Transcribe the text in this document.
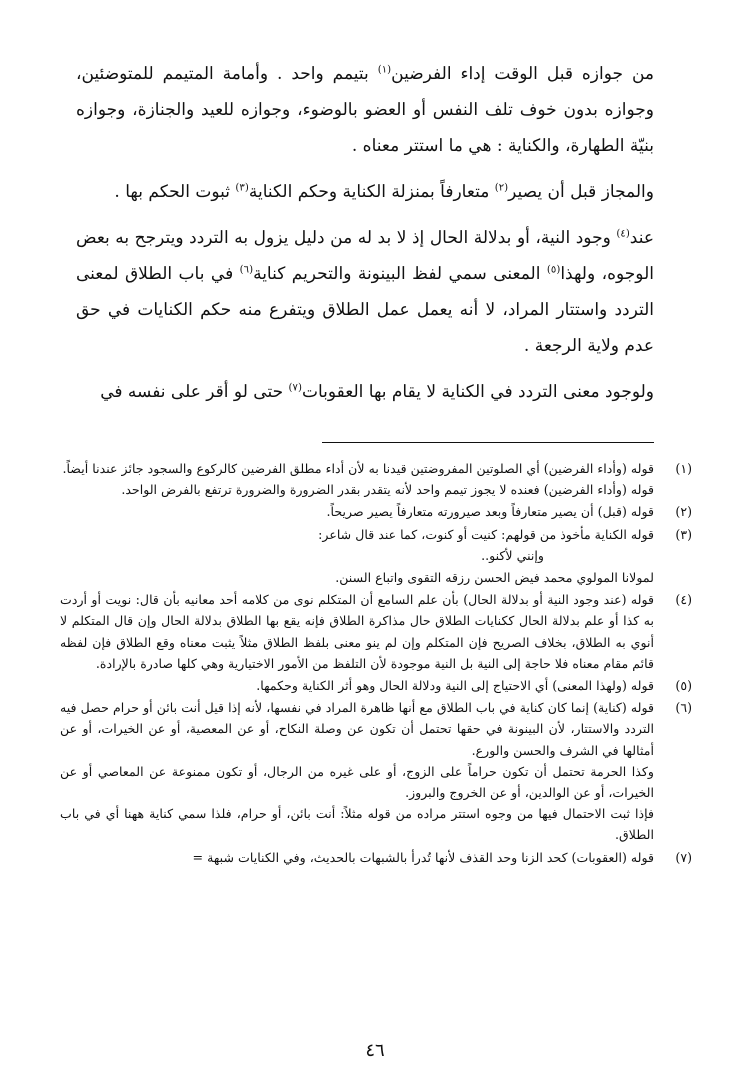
من جوازه قبل الوقت إداء الفرضين$^{(١)}$ بتيمم واحد . وأمامة المتيمم للمتوضئين، وجوازه بدون خوف تلف النفس أو العضو بالوضوء، وجوازه للعيد والجنازة، وجوازه بنيّة الطهارة، والكناية : هي ما استتر معناه .

والمجاز قبل أن يصير$^{(٢)}$ متعارفاً بمنزلة الكناية وحكم الكناية$^{(٣)}$ ثبوت الحكم بها .

عند$^{(٤)}$ وجود النية، أو بدلالة الحال إذ لا بد له من دليل يزول به التردد ويترجح به بعض الوجوه، ولهذا$^{(٥)}$ المعنى سمي لفظ البينونة والتحريم كناية$^{(٦)}$ في باب الطلاق لمعنى التردد واستتار المراد، لا أنه يعمل عمل الطلاق ويتفرع منه حكم الكنايات في حق عدم ولاية الرجعة .

ولوجود معنى التردد في الكناية لا يقام بها العقوبات$^{(٧)}$ حتى لو أقر على نفسه في

(١)

قوله (وأداء الفرضين) أي الصلوتين المفروضتين قيدنا به لأن أداء مطلق الفرضين كالركوع والسجود جائز عندنا أيضاً.

قوله (وأداء الفرضين) فعنده لا يجوز تيمم واحد لأنه يتقدر بقدر الضرورة والضرورة ترتفع بالفرض الواحد.

(٢)

قوله (قبل) أن يصير متعارفاً وبعد صيرورته متعارفاً يصير صريحاً.

(٣)

قوله الكناية مأخوذ من قولهم: كنيت أو كنوت، كما عند قال شاعر:

وإنني لأكنو..

لمولانا المولوي محمد فيض الحسن رزقه التقوى واتباع السنن.

(٤)

قوله (عند وجود النية أو بدلالة الحال) بأن علم السامع أن المتكلم نوى من كلامه أحد معانيه بأن قال: نويت أو أردت به كذا أو علم بدلالة الحال ككنايات الطلاق حال مذاكرة الطلاق فإنه يقع بها الطلاق بدلالة الحال وإن قال المتكلم لا أنوي به الطلاق، بخلاف الصريح فإن المتكلم وإن لم ينو معنى بلفظ الطلاق مثلاً يثبت معناه وقع الطلاق فإن لفظه قائم مقام معناه فلا حاجة إلى النية بل النية موجودة لأن التلفظ من الأمور الاختيارية وهي كلها صادرة بالإرادة.

(٥)

قوله (ولهذا المعنى) أي الاحتياج إلى النية ودلالة الحال وهو أثر الكناية وحكمها.

(٦)

قوله (كناية) إنما كان كناية في باب الطلاق مع أنها ظاهرة المراد في نفسها، لأنه إذا قيل أنت بائن أو حرام حصل فيه التردد والاستتار، لأن البينونة في حقها تحتمل أن تكون عن وصلة النكاح، أو عن المعصية، أو عن الخيرات، أو عن أمثالها في الشرف والحسن والورع.

وكذا الحرمة تحتمل أن تكون حراماً على الزوج، أو على غيره من الرجال، أو تكون ممنوعة عن المعاصي أو عن الخيرات، أو عن الوالدين، أو عن الخروج والبروز.

فإذا ثبت الاحتمال فيها من وجوه استتر مراده من قوله مثلاً: أنت بائن، أو حرام، فلذا سمي كناية ههنا أي في باب الطلاق.

(٧)

قوله (العقوبات) كحد الزنا وحد القذف لأنها تُدرأ بالشبهات بالحديث، وفي الكنايات شبهة =

٤٦
